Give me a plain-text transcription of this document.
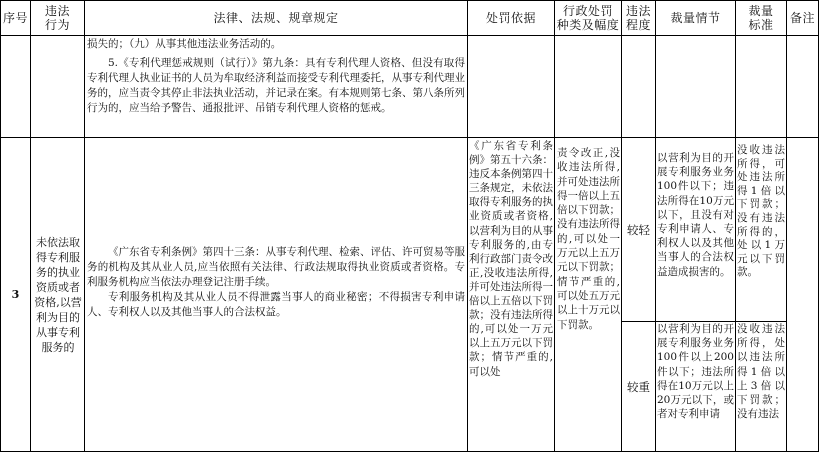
序号 违法
行为	法律、法规、规章规定	处罚依据 行政处罚
种类及幅度
违法
程度 裁量情节 裁量
标准 备注

损失的；（九）从事其他违法业务活动的。

5.《专利代理惩戒规则（试行）》第九条：具有专利代理人资格、但没有取得专利代理人执业证书的人员为牟取经济利益而接受专利代理委托，从事专利代理业务的，应当责令其停止非法执业活动，并记录在案。有本规则第七条、第八条所列行为的，应当给予警告、通报批评、吊销专利代理人资格的惩戒。

3
未依法取得专利服务的执业资质或者资格,以营利为目的从事专利服务的

《广东省专利条例》第四十三条：从事专利代理、检索、评估、许可贸易等服务的机构及其从业人员,应当依照有关法律、行政法规取得执业资质或者资格。专利服务机构应当依法办理登记注册手续。

专利服务机构及其从业人员不得泄露当事人的商业秘密；不得损害专利申请人、专利权人以及其他当事人的合法权益。

《广东省专利条例》第五十六条：违反本条例第四十三条规定，未依法取得专利服务的执业资质或者资格,以营利为目的从事专利服务的,由专利行政部门责令改正,没收违法所得,并可处违法所得一倍以上五倍以下罚款；没有违法所得的,可以处一万元以上五万元以下罚款；情节严重的,可以处
责令改正,没收违法所得,并可处违法所得一倍以上五倍以下罚款；没有违法所得的,可以处一万元以上五万元以下罚款；情节严重的,可以处五万元以上十万元以下罚款。
较轻
以营利为目的开展专利服务业务100件以下；违法所得在10万元以下，且没有对专利申请人、专利权人以及其他当事人的合法权益造成损害的。
没收违法所得，可处违法所得1倍以下罚款；没有违法所得的，处以1万元以下罚款。
较重
以营利为目的开展专利服务业务100件以上200件以下；违法所得在10万元以上20万元以下，或者对专利申请
没收违法所得，处以违法所得1倍以上3倍以下罚款；没有违法
